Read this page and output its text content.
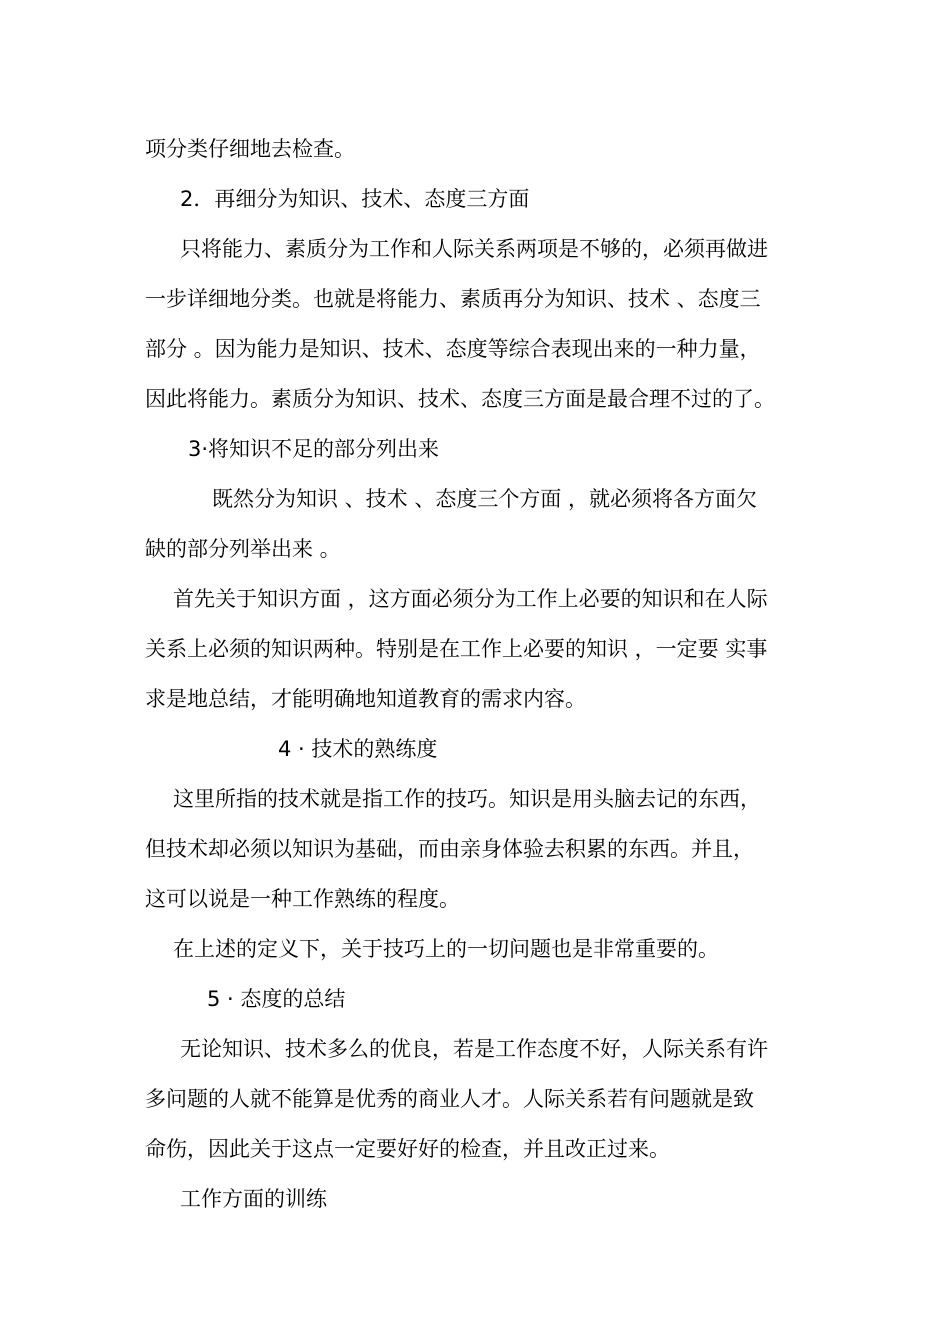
项分类仔细地去检查。
2．再细分为知识、技术、态度三方面
只将能力、素质分为工作和人际关系两项是不够的，必须再做进
一步详细地分类。也就是将能力、素质再分为知识、技术 、态度三
部分 。因为能力是知识、技术、态度等综合表现出来的一种力量，
因此将能力。素质分为知识、技术、态度三方面是最合理不过的了。
3·将知识不足的部分列出来
既然分为知识 、技术 、态度三个方面 ，就必须将各方面欠
缺的部分列举出来 。
首先关于知识方面 ，这方面必须分为工作上必要的知识和在人际
关系上必须的知识两种。特别是在工作上必要的知识 ，一定要 实事
求是地总结，才能明确地知道教育的需求内容。
4 · 技术的熟练度
这里所指的技术就是指工作的技巧。知识是用头脑去记的东西，
但技术却必须以知识为基础，而由亲身体验去积累的东西。并且，
这可以说是一种工作熟练的程度。
在上述的定义下，关于技巧上的一切问题也是非常重要的。
5 · 态度的总结
无论知识、技术多么的优良，若是工作态度不好，人际关系有许
多问题的人就不能算是优秀的商业人才。人际关系若有问题就是致
命伤，因此关于这点一定要好好的检查，并且改正过来。
工作方面的训练
